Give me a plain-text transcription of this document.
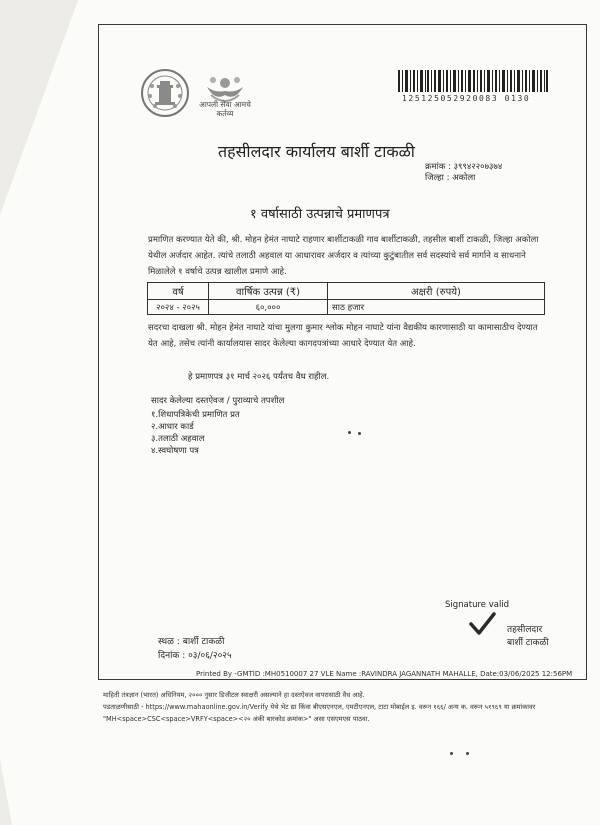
आपली सेवा आमचे कर्तव्य
125125052920083 0130
तहसीलदार कार्यालय बार्शी टाकळी
क्रमांक : ३९९४२२०७३७४
जिल्हा : अकोला
१ वर्षासाठी उत्पन्नाचे प्रमाणपत्र
प्रमाणित करण्यात येते की, श्री. मोहन हेमंत नाघाटे राहणार बार्शीटाकळी गाव बार्शीटाकळी, तहसील बार्शी टाकळी, जिल्हा अकोला येथील अर्जदार आहेत. त्यांचे तलाठी अहवाल या आधारावर अर्जदार व त्यांच्या कुटुंबातील सर्व सदस्यांचे सर्व मार्गाने व साधनाने मिळालेले १ वर्षाचे उत्पन्न खालील प्रमाणे आहे.
वर्ष	वार्षिक उत्पन्न (₹)	अक्षरी (रुपये)
२०२४ - २०२५	६०,०००	साठ हजार
सदरचा दाखला श्री. मोहन हेमंत नाघाटे यांचा मुलगा कुमार श्लोक मोहन नाघाटे यांना वैद्यकीय कारणासाठी या कामासाठीच देण्यात येत आहे, तसेच त्यांनी कार्यालयास सादर केलेल्या कागदपत्रांच्या आधारे देण्यात येत आहे.
हे प्रमाणपत्र ३१ मार्च २०२६ पर्यंतच वैध राहील.
सादर केलेल्या दस्तऐवज / पुराव्याचे तपशील
१.शिधापत्रिकेची प्रमाणित प्रत
२.आधार कार्ड
३.तलाठी अहवाल
४.स्वघोषणा पत्र
Signature valid
तहसीलदार
बार्शी टाकळी
स्थळ : बार्शी टाकळी
दिनांक : ०३/०६/२०२५
Printed By -GMTID :MH0510007 27 VLE Name :RAVINDRA JAGANNATH MAHALLE, Date:03/06/2025 12:56PM
माहिती तंत्रज्ञान (भारत) अधिनियम, २००० नुसार डिजीटल स्वाक्षरी असल्याने हा दस्तऐवज वापरासाठी वैध आहे.
पडताळणीसाठी - https://www.mahaonline.gov.in/Verify येथे भेट द्या किंवा बीएसएनएल, एमटीएनएल, टाटा मोबाईल इ. वरून १६६/ अन्य क. वरून ५१९६९ या क्रमांकावर
"MH<space>CSC<space>VRFY<space><२० अंकी बारकोड क्रमांक>" असा एसएमएस पाठवा.
